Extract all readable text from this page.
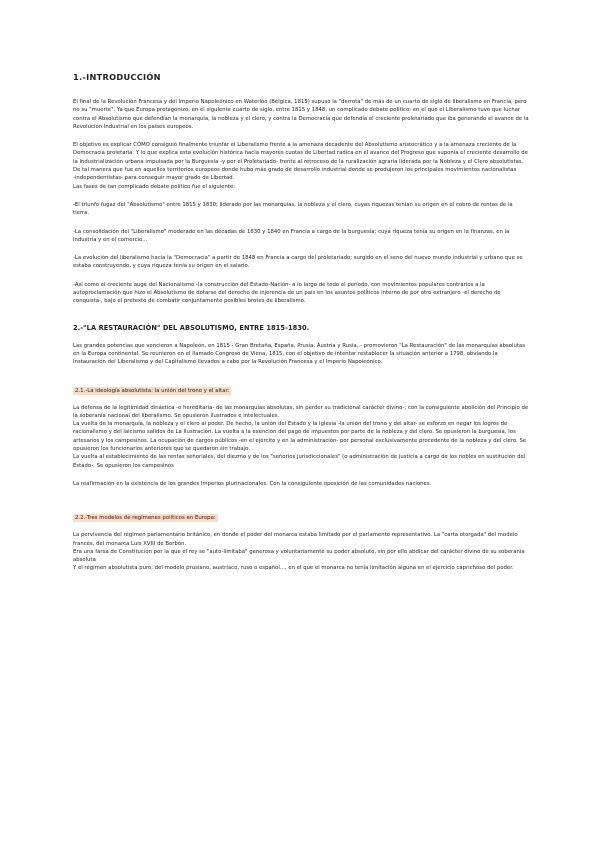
1.-INTRODUCCIÓN

El final de la Revolución Francesa y del Imperio Napoleónico en Waterlóo (Bélgica, 1815) supuso la "derrota" de más de un cuarto de siglo de liberalismo en Francia, pero no su "muerte". Ya que Europa protagonizó, en el siguiente cuarto de siglo, entre 1815 y 1848, un complicado debate político: en el que el Liberalismo tuvo que luchar contra el Absolutismo que defendían la monarquía, la nobleza y el clero, y contra la Democracia que defendía el creciente proletariado que iba generando el avance de la Revolución Industrial en los países europeos.

El objetivo es explicar CÓMO consiguió finalmente triunfar el Liberalismo frente a la amenaza decadente del Absolutismo aristocrático y a la amenaza creciente de la Democracia proletaria. Y lo que explica esta evolución histórica hacia mayores cuotas de Libertad radica en el avance del Progreso que suponía el creciente desarrollo de la Industrialización urbana impulsada por la Burguesía -y por el Proletariado- frente al retroceso de la ruralización agraria liderada por la Nobleza y el Clero absolutistas. De tal manera que fue en aquellos territorios europeos donde hubo más grado de desarrollo industrial donde se produjeron los principales movimientos nacionalistas

-independentistas- para conseguir mayor grado de Libertad.

Las fases de tan complicado debate político fue el siguiente:

-El triunfo fugaz del "Absolutismo" entre 1815 y 1830; liderado por las monarquías, la nobleza y el clero, cuyas riquezas tenían su origen en el cobro de rentas de la tierra.

-La consolidación del "Liberalismo" moderado en las décadas de 1830 y 1840 en Francia a cargo de la burguesía; cuya riqueza tenía su origen en la finanzas, en la industria y en el comercio...

-La evolución del liberalismo hacia la "Democracia" a partir de 1848 en Francia a cargo del proletariado; surgido en el seno del nuevo mundo industrial y urbano que se estaba construyendo, y cuya riqueza tenía su origen en el salario.

-Así como el creciente auge del Nacionalismo -la construcción del Estado-Nación- a lo largo de todo el período, con movimientos populares contrarios a la autoproclamación que hizo el Absolutismo de dotarse del derecho de injerencia de un país en los asuntos políticos interno de por otro extranjero -el derecho de conquista-, bajo el pretexto de combatir conjuntamente posibles brotes de liberalismo.

2.-"LA RESTAURACIÓN" DEL ABSOLUTISMO, ENTRE 1815-1830.

Las grandes potencias que vencieron a Napoleón, en 1815 - Gran Bretaña, España, Prusia, Austria y Rusia,.- promovieron "La Restauración" de las monarquías absolutas en la Europa continental. Se reunieron en el llamado Congreso de Viena, 1815, con el objetivo de intentar restablecer la situación anterior a 1798, obviando la instauración del Liberalismo y del Capitalismo llevados a cabo por la Revolución Francesa y el Imperio Napoleónico.

2.1.-La ideología absolutista: la unión del trono y el altar:

La defensa de la legitimidad dinástica -o hereditaria- de las monarquías absolutas, sin perder su tradicional carácter divino-; con la consiguiente abolición del Principio de la soberanía nacional del liberalismo. Se opusieron ilustrados e intelectuales.

La vuelta de la monarquía, la nobleza y el clero al poder. De hecho, la unión del Estado y la Iglesia -la unión del trono y del altar- se esforzó en negar los logros de racionalismo y del laicismo salidos de La Ilustración. La vuelta a la exención del pago de impuestos por parte de la nobleza y del clero. Se opusieron la burguesía, los artesanos y los campesinos. La ocupación de cargos públicos -en el ejército y en la administración- por personal exclusivamente procedente de la nobleza y del clero. Se opusieron los funcionarios anteriores que se quedaron sin trabajo.

La vuelta al establecimiento de las rentas señoriales, del diezmo y de los "señoríos jurisdiccionales" (o administración de justicia a cargo de los nobles en sustitución del Estado-. Se opusieron los campesinos

La reafirmación en la existencia de los grandes Imperios plurinacionales. Con la consiguiente oposición de las comunidades naciones.

2.2.-Tres modelos de regímenes políticos en Europa:

La pervivencia del régimen parlamentario británico, en donde el poder del monarca estaba limitado por el parlamento representativo. La "carta otorgada" del modelo francés, del monarca Luis XVIII de Borbón.

Era una farsa de Constitución por la que el rey se "auto-limitaba" generosa y voluntariamente su poder absoluto, sin por ello abdicar del carácter divino de su soberanía absoluta

Y el régimen absolutista puro, del modelo prusiano, austríaco, ruso o español..., en el que el monarca no tenía limitación alguna en el ejercicio caprichoso del poder.
